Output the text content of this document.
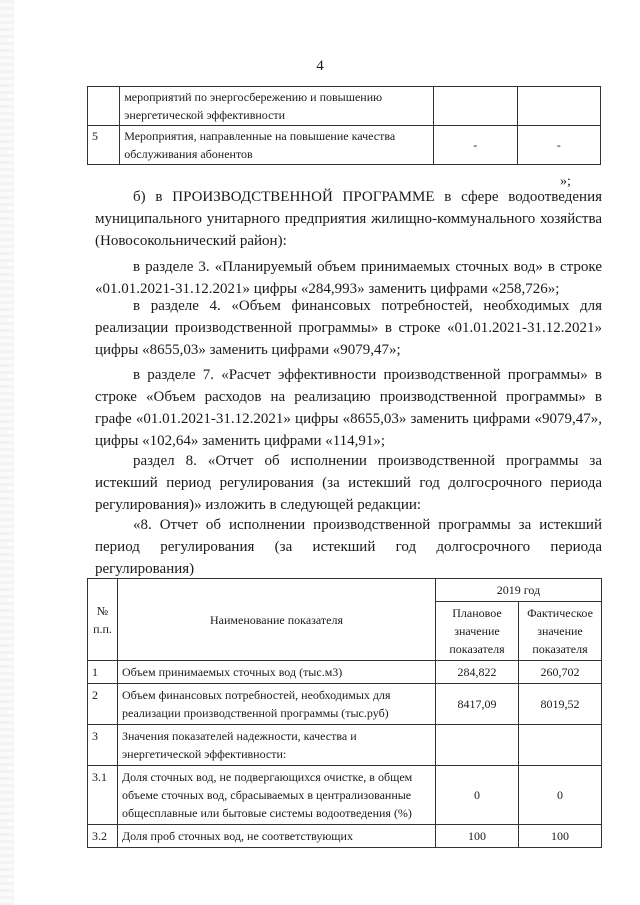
4
	мероприятий по энергосбережению и повышению энергетической эффективности		
5	Мероприятия, направленные на повышение качества обслуживания абонентов	-	-
»;

б) в ПРОИЗВОДСТВЕННОЙ ПРОГРАММЕ в сфере водоотведения муниципального унитарного предприятия жилищно-коммунального хозяйства (Новосокольнический район):

в разделе 3. «Планируемый объем принимаемых сточных вод» в строке «01.01.2021-31.12.2021» цифры «284,993» заменить цифрами «258,726»;

в разделе 4. «Объем финансовых потребностей, необходимых для реализации производственной программы» в строке «01.01.2021-31.12.2021» цифры «8655,03» заменить цифрами «9079,47»;

в разделе 7. «Расчет эффективности производственной программы» в строке «Объем расходов на реализацию производственной программы» в графе «01.01.2021-31.12.2021» цифры «8655,03» заменить цифрами «9079,47», цифры «102,64» заменить цифрами «114,91»;

раздел 8. «Отчет об исполнении производственной программы за истекший период регулирования (за истекший год долгосрочного периода регулирования)» изложить в следующей редакции:

«8. Отчет об исполнении производственной программы за истекший период регулирования (за истекший год долгосрочного периода регулирования)

№ п.п.	Наименование показателя	2019 год	
		Плановое значение показателя	Фактическое значение показателя
1	Объем принимаемых сточных вод (тыс.м3)	284,822	260,702
2	Объем финансовых потребностей, необходимых для реализации производственной программы (тыс.руб)	8417,09	8019,52
3	Значения показателей надежности, качества и энергетической эффективности:		
3.1	Доля сточных вод, не подвергающихся очистке, в общем объеме сточных вод, сбрасываемых в централизованные общесплавные или бытовые системы водоотведения (%)	0	0
3.2	Доля проб сточных вод, не соответствующих	100	100
